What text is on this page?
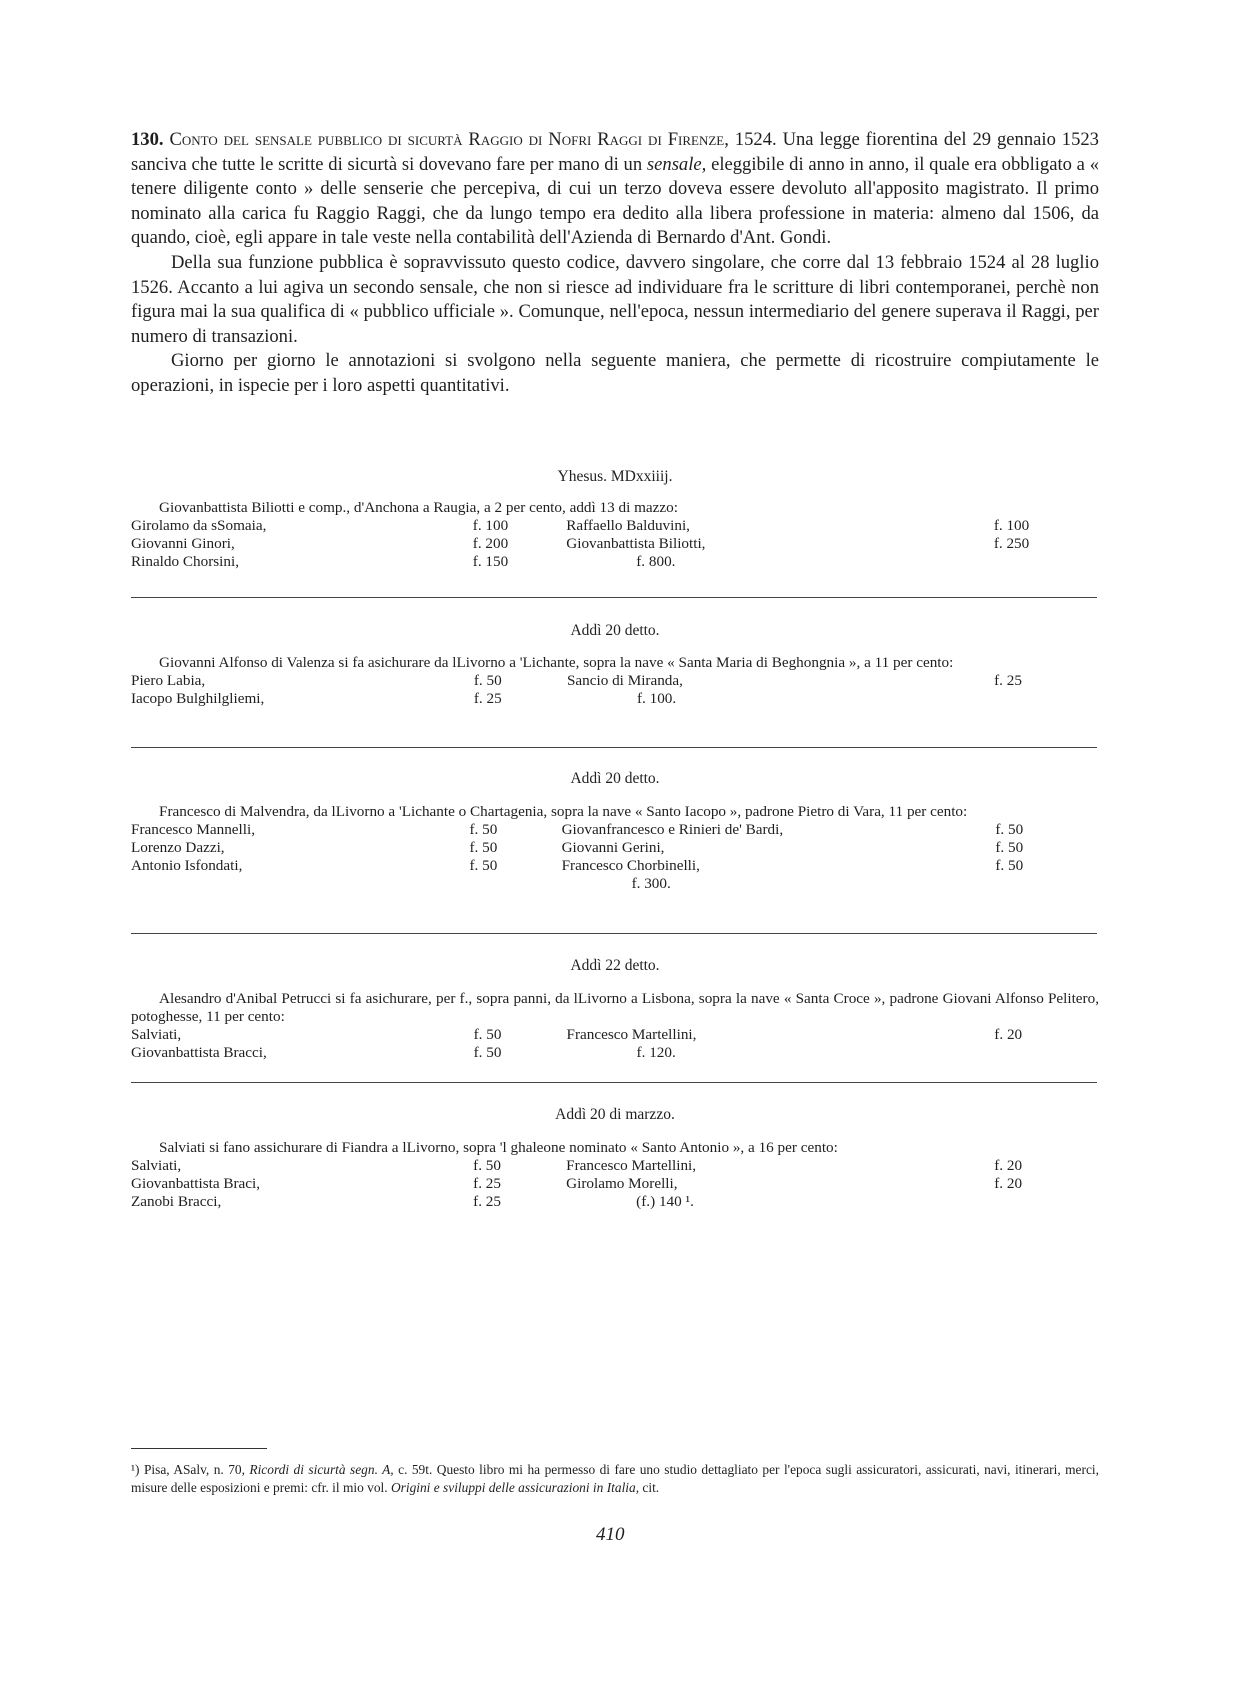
130. Conto del sensale pubblico di sicurtà Raggio di Nofri Raggi di Firenze, 1524. Una legge fiorentina del 29 gennaio 1523 sanciva che tutte le scritte di sicurtà si dovevano fare per mano di un sensale, eleggibile di anno in anno, il quale era obbligato a « tenere diligente conto » delle senserie che percepiva, di cui un terzo doveva essere devoluto all'apposito magistrato. Il primo nominato alla carica fu Raggio Raggi, che da lungo tempo era dedito alla libera professione in materia: almeno dal 1506, da quando, cioè, egli appare in tale veste nella contabilità dell'Azienda di Bernardo d'Ant. Gondi.

Della sua funzione pubblica è sopravvissuto questo codice, davvero singolare, che corre dal 13 febbraio 1524 al 28 luglio 1526. Accanto a lui agiva un secondo sensale, che non si riesce ad individuare fra le scritture di libri contemporanei, perchè non figura mai la sua qualifica di « pubblico ufficiale ». Comunque, nell'epoca, nessun intermediario del genere superava il Raggi, per numero di transazioni.

Giorno per giorno le annotazioni si svolgono nella seguente maniera, che permette di ricostruire compiutamente le operazioni, in ispecie per i loro aspetti quantitativi.

Yhesus. MDxxiiij.

Giovanbattista Biliotti e comp., d'Anchona a Raugia, a 2 per cento, addì 13 di mazzo:

Girolamo da sSomaia,	f. 100	Raffaello Balduvini,	f. 100
Giovanni Ginori,	f. 200	Giovanbattista Biliotti,	f. 250
Rinaldo Chorsini,	f. 150	f. 800.	
Addì 20 detto.

Giovanni Alfonso di Valenza si fa asichurare da lLivorno a 'Lichante, sopra la nave « Santa Maria di Beghongnia », a 11 per cento:

Piero Labia,	f. 50	Sancio di Miranda,	f. 25
Iacopo Bulghilgliemi,	f. 25	f. 100.	
Addì 20 detto.

Francesco di Malvendra, da lLivorno a 'Lichante o Chartagenia, sopra la nave « Santo Iacopo », padrone Pietro di Vara, 11 per cento:

Francesco Mannelli,	f. 50	Giovanfrancesco e Rinieri de' Bardi,	f. 50
Lorenzo Dazzi,	f. 50	Giovanni Gerini,	f. 50
Antonio Isfondati,	f. 50	Francesco Chorbinelli,	f. 50
		f. 300.	
Addì 22 detto.

Alesandro d'Anibal Petrucci si fa asichurare, per f., sopra panni, da lLivorno a Lisbona, sopra la nave « Santa Croce », padrone Giovani Alfonso Pelitero, potoghesse, 11 per cento:

Salviati,	f. 50	Francesco Martellini,	f. 20
Giovanbattista Bracci,	f. 50	f. 120.	
Addì 20 di marzzo.

Salviati si fano assichurare di Fiandra a lLivorno, sopra 'l ghaleone nominato « Santo Antonio », a 16 per cento:

Salviati,	f. 50	Francesco Martellini,	f. 20
Giovanbattista Braci,	f. 25	Girolamo Morelli,	f. 20
Zanobi Bracci,	f. 25	(f.) 140 ¹.	
¹) Pisa, ASalv, n. 70, Ricordi di sicurtà segn. A, c. 59t. Questo libro mi ha permesso di fare uno studio dettagliato per l'epoca sugli assicuratori, assicurati, navi, itinerari, merci, misure delle esposizioni e premi: cfr. il mio vol. Origini e sviluppi delle assicurazioni in Italia, cit.
410
